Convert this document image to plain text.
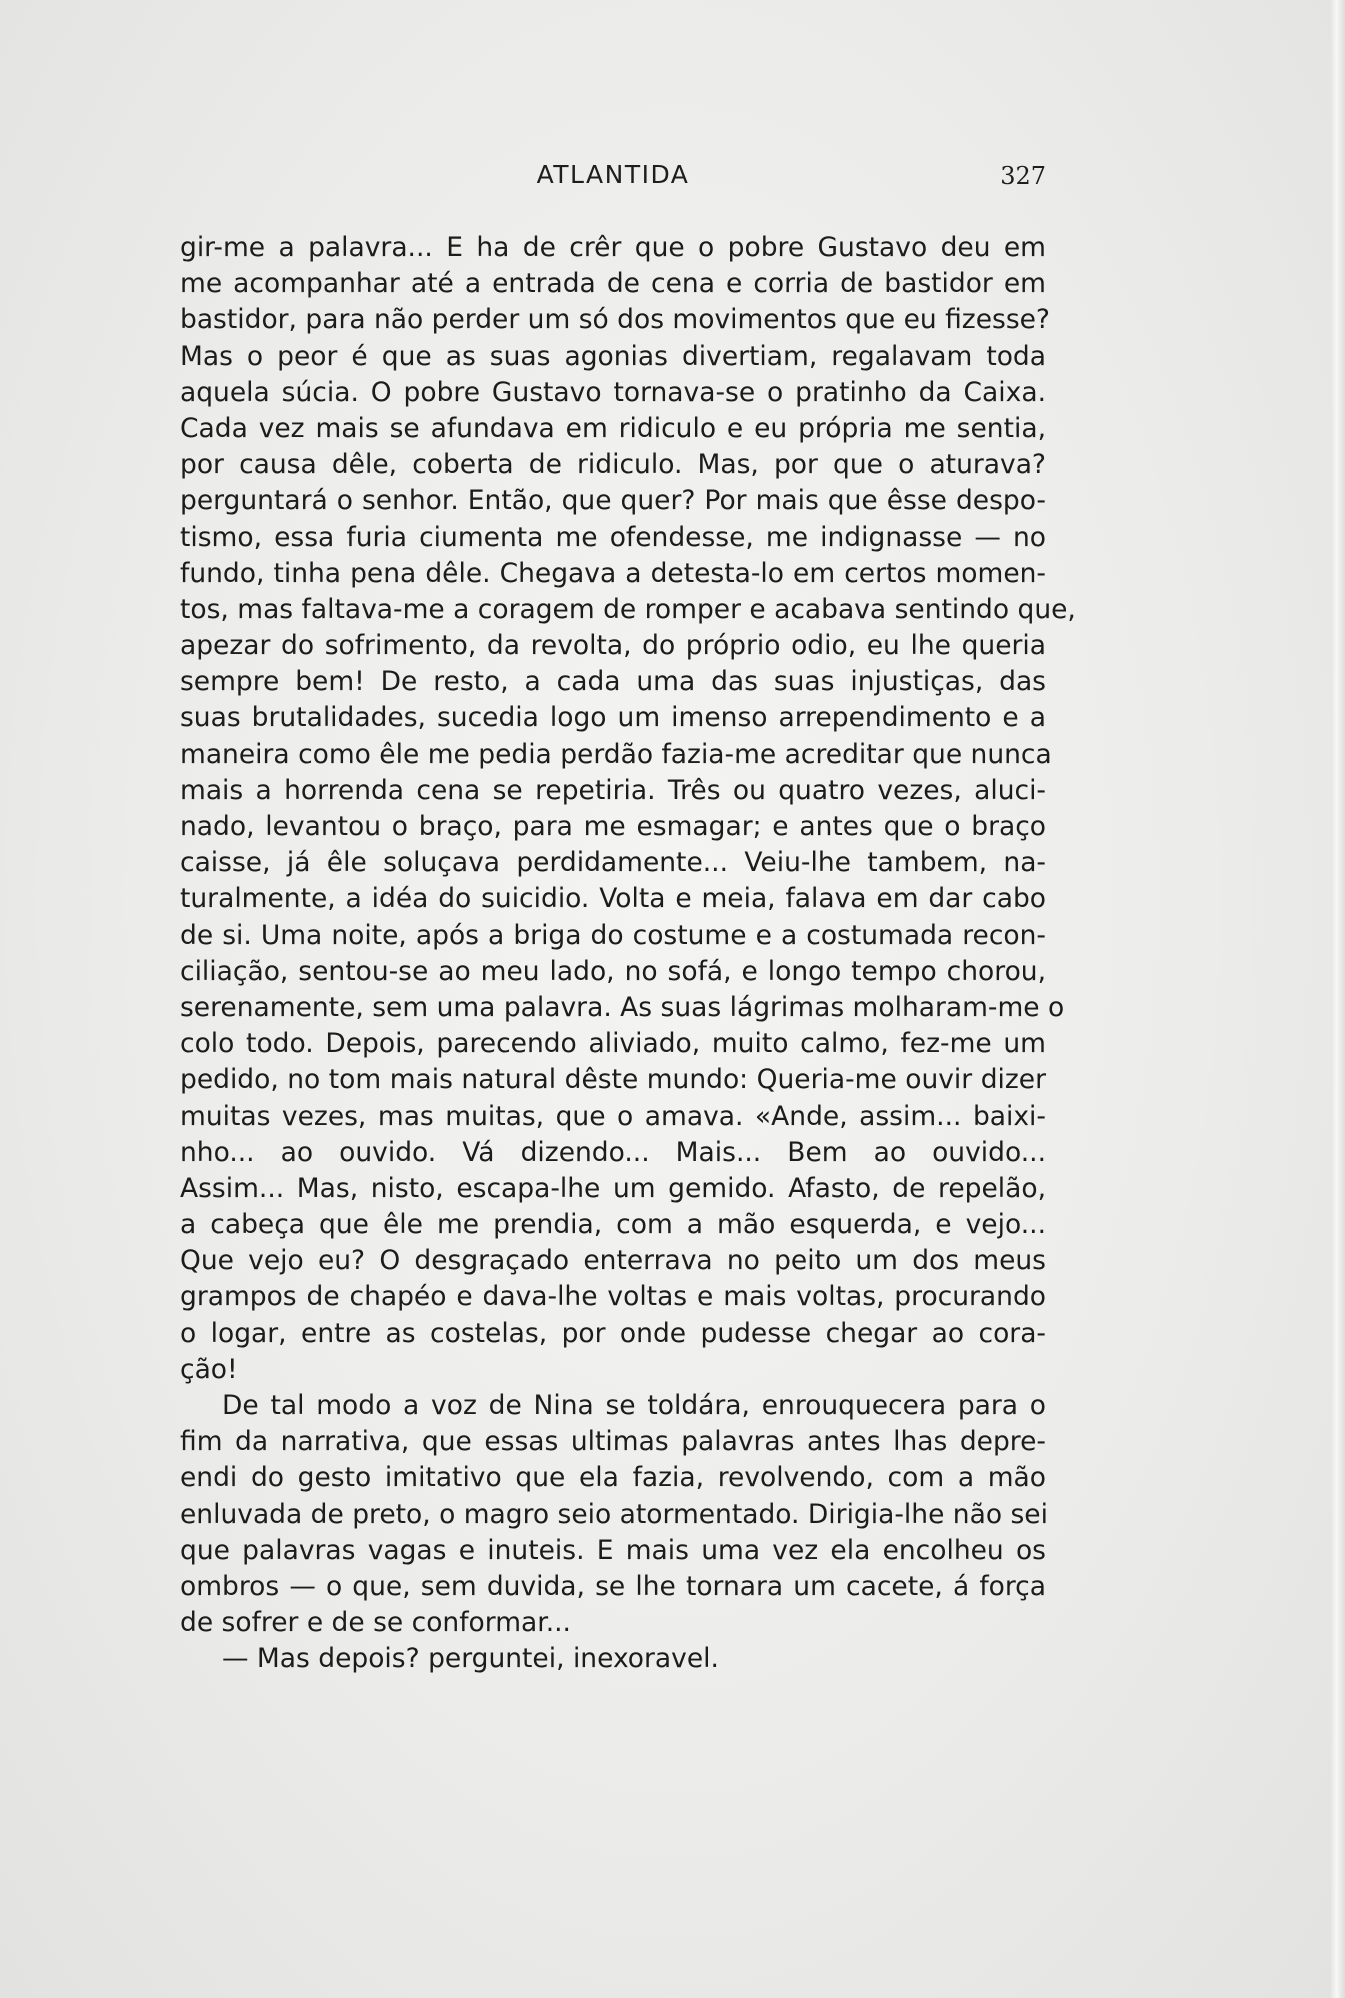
ATLANTIDA	327
gir-me a palavra... E ha de crêr que o pobre Gustavo deu em
me acompanhar até a entrada de cena e corria de bastidor em
bastidor, para não perder um só dos movimentos que eu fizesse?
Mas o peor é que as suas agonias divertiam, regalavam toda
aquela súcia. O pobre Gustavo tornava-se o pratinho da Caixa.
Cada vez mais se afundava em ridiculo e eu própria me sentia,
por causa dêle, coberta de ridiculo. Mas, por que o aturava?
perguntará o senhor. Então, que quer? Por mais que êsse despo-
tismo, essa furia ciumenta me ofendesse, me indignasse — no
fundo, tinha pena dêle. Chegava a detesta-lo em certos momen-
tos, mas faltava-me a coragem de romper e acabava sentindo que,
apezar do sofrimento, da revolta, do próprio odio, eu lhe queria
sempre bem! De resto, a cada uma das suas injustiças, das
suas brutalidades, sucedia logo um imenso arrependimento e a
maneira como êle me pedia perdão fazia-me acreditar que nunca
mais a horrenda cena se repetiria. Três ou quatro vezes, aluci-
nado, levantou o braço, para me esmagar; e antes que o braço
caisse, já êle soluçava perdidamente... Veiu-lhe tambem, na-
turalmente, a idéa do suicidio. Volta e meia, falava em dar cabo
de si. Uma noite, após a briga do costume e a costumada recon-
ciliação, sentou-se ao meu lado, no sofá, e longo tempo chorou,
serenamente, sem uma palavra. As suas lágrimas molharam-me o
colo todo. Depois, parecendo aliviado, muito calmo, fez-me um
pedido, no tom mais natural dêste mundo: Queria-me ouvir dizer
muitas vezes, mas muitas, que o amava. «Ande, assim... baixi-
nho... ao ouvido. Vá dizendo... Mais... Bem ao ouvido...
Assim... Mas, nisto, escapa-lhe um gemido. Afasto, de repelão,
a cabeça que êle me prendia, com a mão esquerda, e vejo...
Que vejo eu? O desgraçado enterrava no peito um dos meus
grampos de chapéo e dava-lhe voltas e mais voltas, procurando
o logar, entre as costelas, por onde pudesse chegar ao cora-
ção!
De tal modo a voz de Nina se toldára, enrouquecera para o
fim da narrativa, que essas ultimas palavras antes lhas depre-
endi do gesto imitativo que ela fazia, revolvendo, com a mão
enluvada de preto, o magro seio atormentado. Dirigia-lhe não sei
que palavras vagas e inuteis. E mais uma vez ela encolheu os
ombros — o que, sem duvida, se lhe tornara um cacete, á força
de sofrer e de se conformar...
— Mas depois? perguntei, inexoravel.
